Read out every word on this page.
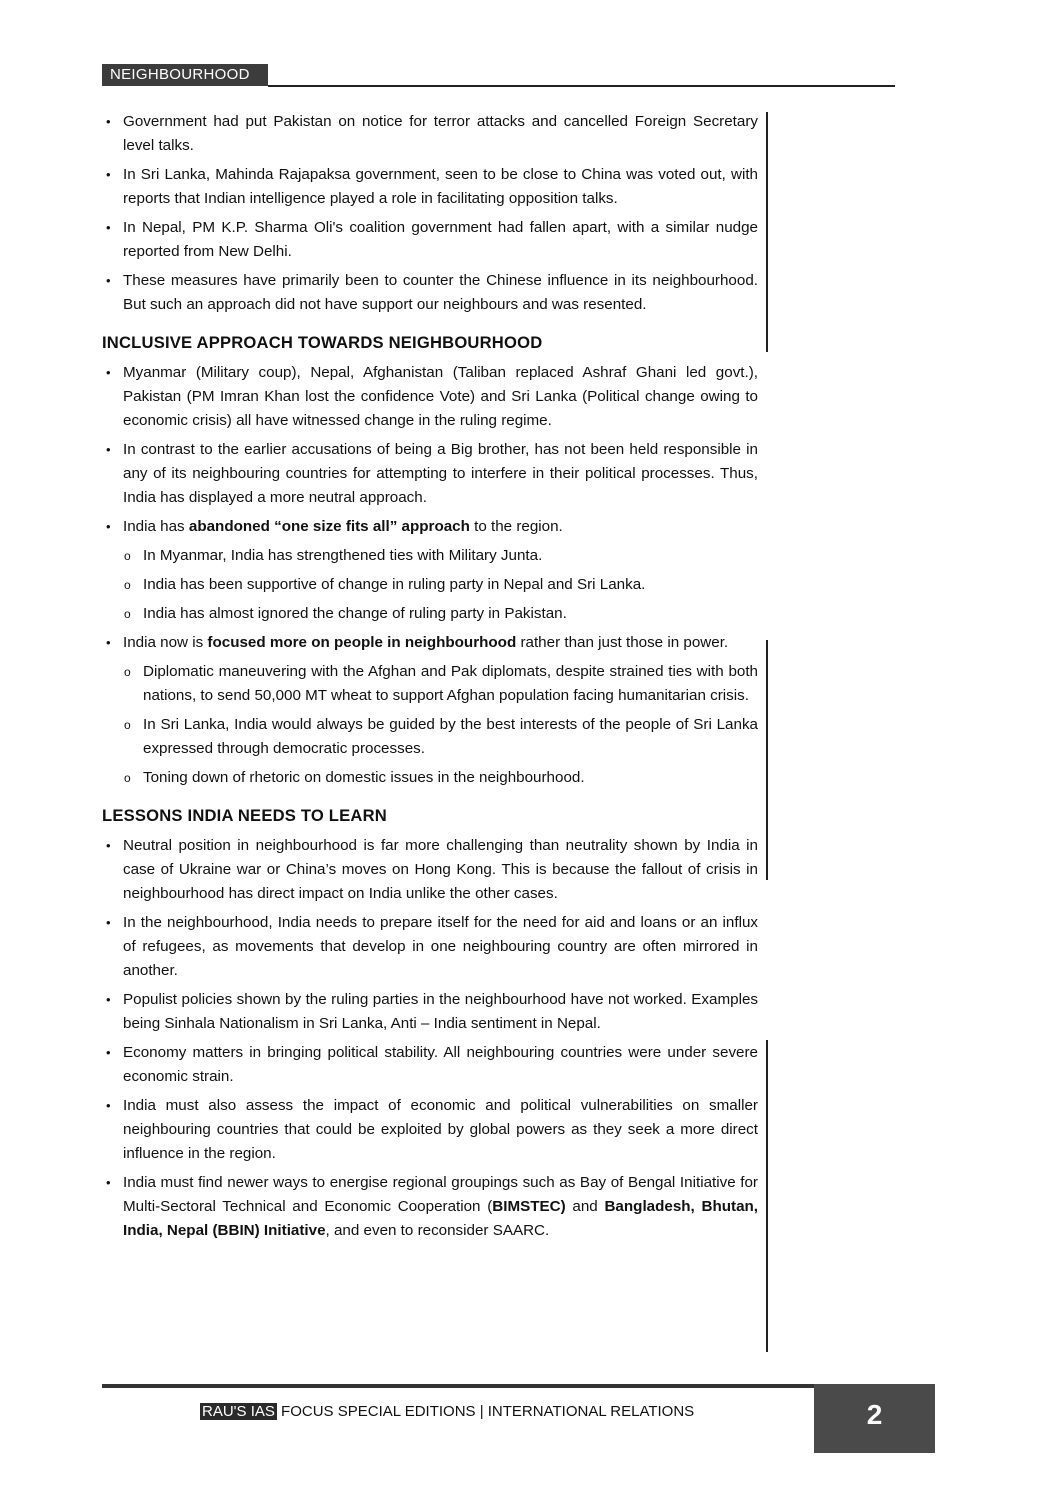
NEIGHBOURHOOD
• Government had put Pakistan on notice for terror attacks and cancelled Foreign Secretary level talks.
• In Sri Lanka, Mahinda Rajapaksa government, seen to be close to China was voted out, with reports that Indian intelligence played a role in facilitating opposition talks.
• In Nepal, PM K.P. Sharma Oli's coalition government had fallen apart, with a similar nudge reported from New Delhi.
• These measures have primarily been to counter the Chinese influence in its neighbourhood. But such an approach did not have support our neighbours and was resented.
INCLUSIVE APPROACH TOWARDS NEIGHBOURHOOD
• Myanmar (Military coup), Nepal, Afghanistan (Taliban replaced Ashraf Ghani led govt.), Pakistan (PM Imran Khan lost the confidence Vote) and Sri Lanka (Political change owing to economic crisis) all have witnessed change in the ruling regime.
• In contrast to the earlier accusations of being a Big brother, has not been held responsible in any of its neighbouring countries for attempting to interfere in their political processes. Thus, India has displayed a more neutral approach.
• India has abandoned “one size fits all” approach to the region.
o In Myanmar, India has strengthened ties with Military Junta.
o India has been supportive of change in ruling party in Nepal and Sri Lanka.
o India has almost ignored the change of ruling party in Pakistan.
• India now is focused more on people in neighbourhood rather than just those in power.
o Diplomatic maneuvering with the Afghan and Pak diplomats, despite strained ties with both nations, to send 50,000 MT wheat to support Afghan population facing humanitarian crisis.
o In Sri Lanka, India would always be guided by the best interests of the people of Sri Lanka expressed through democratic processes.
o Toning down of rhetoric on domestic issues in the neighbourhood.
LESSONS INDIA NEEDS TO LEARN
• Neutral position in neighbourhood is far more challenging than neutrality shown by India in case of Ukraine war or China’s moves on Hong Kong. This is because the fallout of crisis in neighbourhood has direct impact on India unlike the other cases.
• In the neighbourhood, India needs to prepare itself for the need for aid and loans or an influx of refugees, as movements that develop in one neighbouring country are often mirrored in another.
• Populist policies shown by the ruling parties in the neighbourhood have not worked. Examples being Sinhala Nationalism in Sri Lanka, Anti – India sentiment in Nepal.
• Economy matters in bringing political stability. All neighbouring countries were under severe economic strain.
• India must also assess the impact of economic and political vulnerabilities on smaller neighbouring countries that could be exploited by global powers as they seek a more direct influence in the region.
• India must find newer ways to energise regional groupings such as Bay of Bengal Initiative for Multi-Sectoral Technical and Economic Cooperation (BIMSTEC) and Bangladesh, Bhutan, India, Nepal (BBIN) Initiative, and even to reconsider SAARC.
RAU'S IAS FOCUS SPECIAL EDITIONS | INTERNATIONAL RELATIONS	2
